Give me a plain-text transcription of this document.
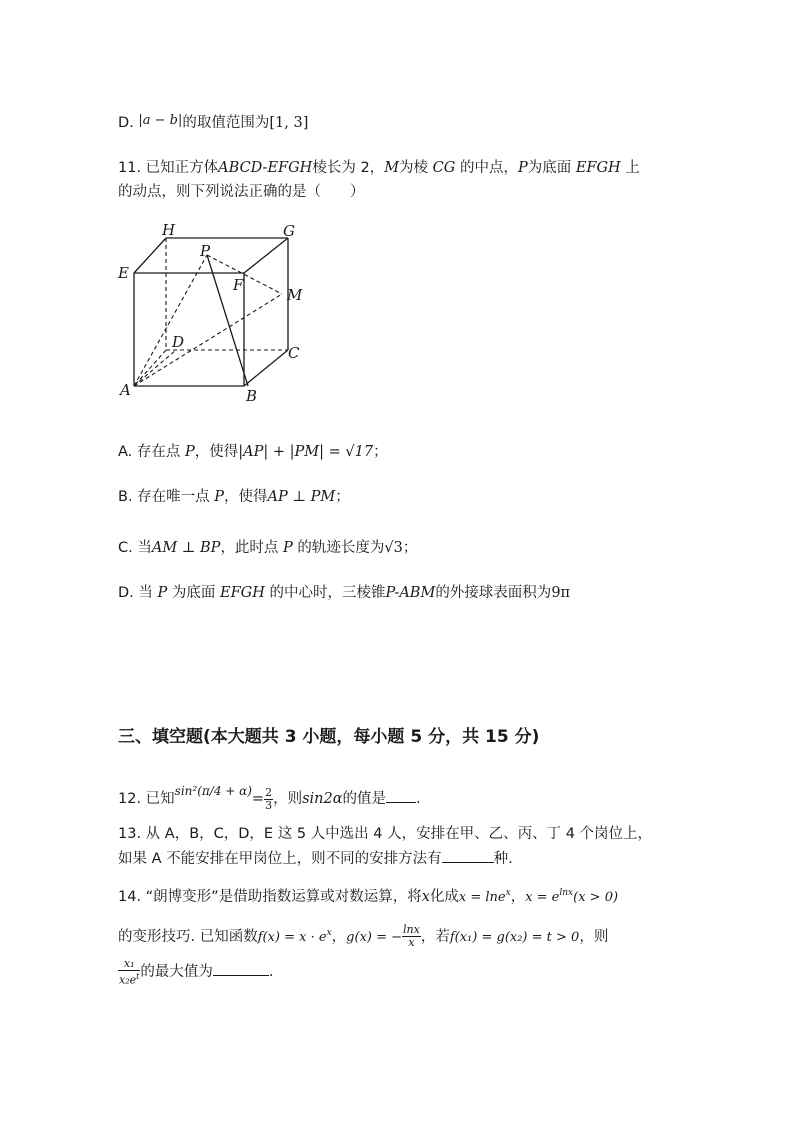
D. |a − b|的取值范围为[1, 3]
11. 已知正方体ABCD-EFGH棱长为 2，M为棱 CG 的中点，P为底面 EFGH 上
的动点，则下列说法正确的是（　　）
H	G
P
E
F
M
D
C
A	B
A. 存在点 P，使得|AP| + |PM| = √17；
B. 存在唯一点 P，使得AP ⊥ PM；
C. 当AM ⊥ BP，此时点 P 的轨迹长度为√3；
D. 当 P 为底面 EFGH 的中心时，三棱锥P-ABM的外接球表面积为9π
三、填空题(本大题共 3 小题，每小题 5 分，共 15 分)
12. 已知$^{sin^2(\pi/4 + \alpha)}= \frac{2}{3}$ ，则sin2α的值是 .
13. 从 A，B，C，D，E 这 5 人中选出 4 人，安排在甲、乙、丙、丁 4 个岗位上，
如果 A 不能安排在甲岗位上，则不同的安排方法有	种.
14. “朗博变形”是借助指数运算或对数运算，将x化成x = lne$^x$，$x = e^{lnx}(x > 0)$
的变形技巧. 已知函数$f(x) = x \cdot e^x$，g(x) = − $\frac{\ln x}{x}$ ，若f(x₁) = g(x₂) = t > 0，则
$\frac{\text{x₁}}{x_2e^t}$ 的最大值为	.
